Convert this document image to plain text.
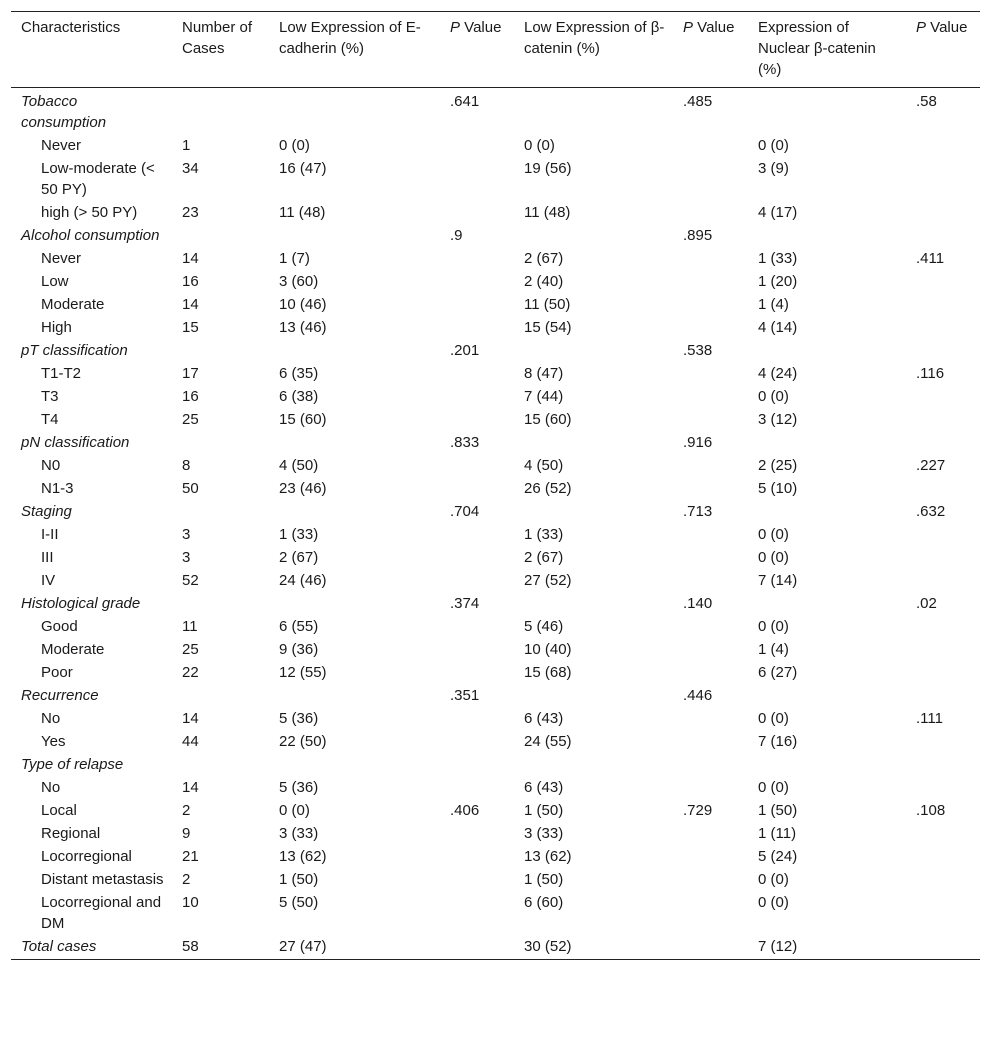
Characteristics	Number of Cases	Low Expression of E-cadherin (%)	P Value	Low Expression of β-catenin (%)	P Value	Expression of Nuclear β-catenin (%)	P Value
Tobacco consumption			.641		.485		.58
Never	1	0 (0)		0 (0)		0 (0)	
Low-moderate (< 50 PY)	34	16 (47)		19 (56)		3 (9)	
high (> 50 PY)	23	11 (48)		11 (48)		4 (17)	
Alcohol consumption			.9		.895		
Never	14	1 (7)		2 (67)		1 (33)	.411
Low	16	3 (60)		2 (40)		1 (20)	
Moderate	14	10 (46)		11 (50)		1 (4)	
High	15	13 (46)		15 (54)		4 (14)	
pT classification			.201		.538		
T1-T2	17	6 (35)		8 (47)		4 (24)	.116
T3	16	6 (38)		7 (44)		0 (0)	
T4	25	15 (60)		15 (60)		3 (12)	
pN classification			.833		.916		
N0	8	4 (50)		4 (50)		2 (25)	.227
N1-3	50	23 (46)		26 (52)		5 (10)	
Staging			.704		.713		.632
I-II	3	1 (33)		1 (33)		0 (0)	
III	3	2 (67)		2 (67)		0 (0)	
IV	52	24 (46)		27 (52)		7 (14)	
Histological grade			.374		.140		.02
Good	11	6 (55)		5 (46)		0 (0)	
Moderate	25	9 (36)		10 (40)		1 (4)	
Poor	22	12 (55)		15 (68)		6 (27)	
Recurrence			.351		.446		
No	14	5 (36)		6 (43)		0 (0)	.111
Yes	44	22 (50)		24 (55)		7 (16)	
Type of relapse							
No	14	5 (36)		6 (43)		0 (0)	
Local	2	0 (0)	.406	1 (50)	.729	1 (50)	.108
Regional	9	3 (33)		3 (33)		1 (11)	
Locorregional	21	13 (62)		13 (62)		5 (24)	
Distant metastasis	2	1 (50)		1 (50)		0 (0)	
Locorregional and DM	10	5 (50)		6 (60)		0 (0)	
Total cases	58	27 (47)		30 (52)		7 (12)	
